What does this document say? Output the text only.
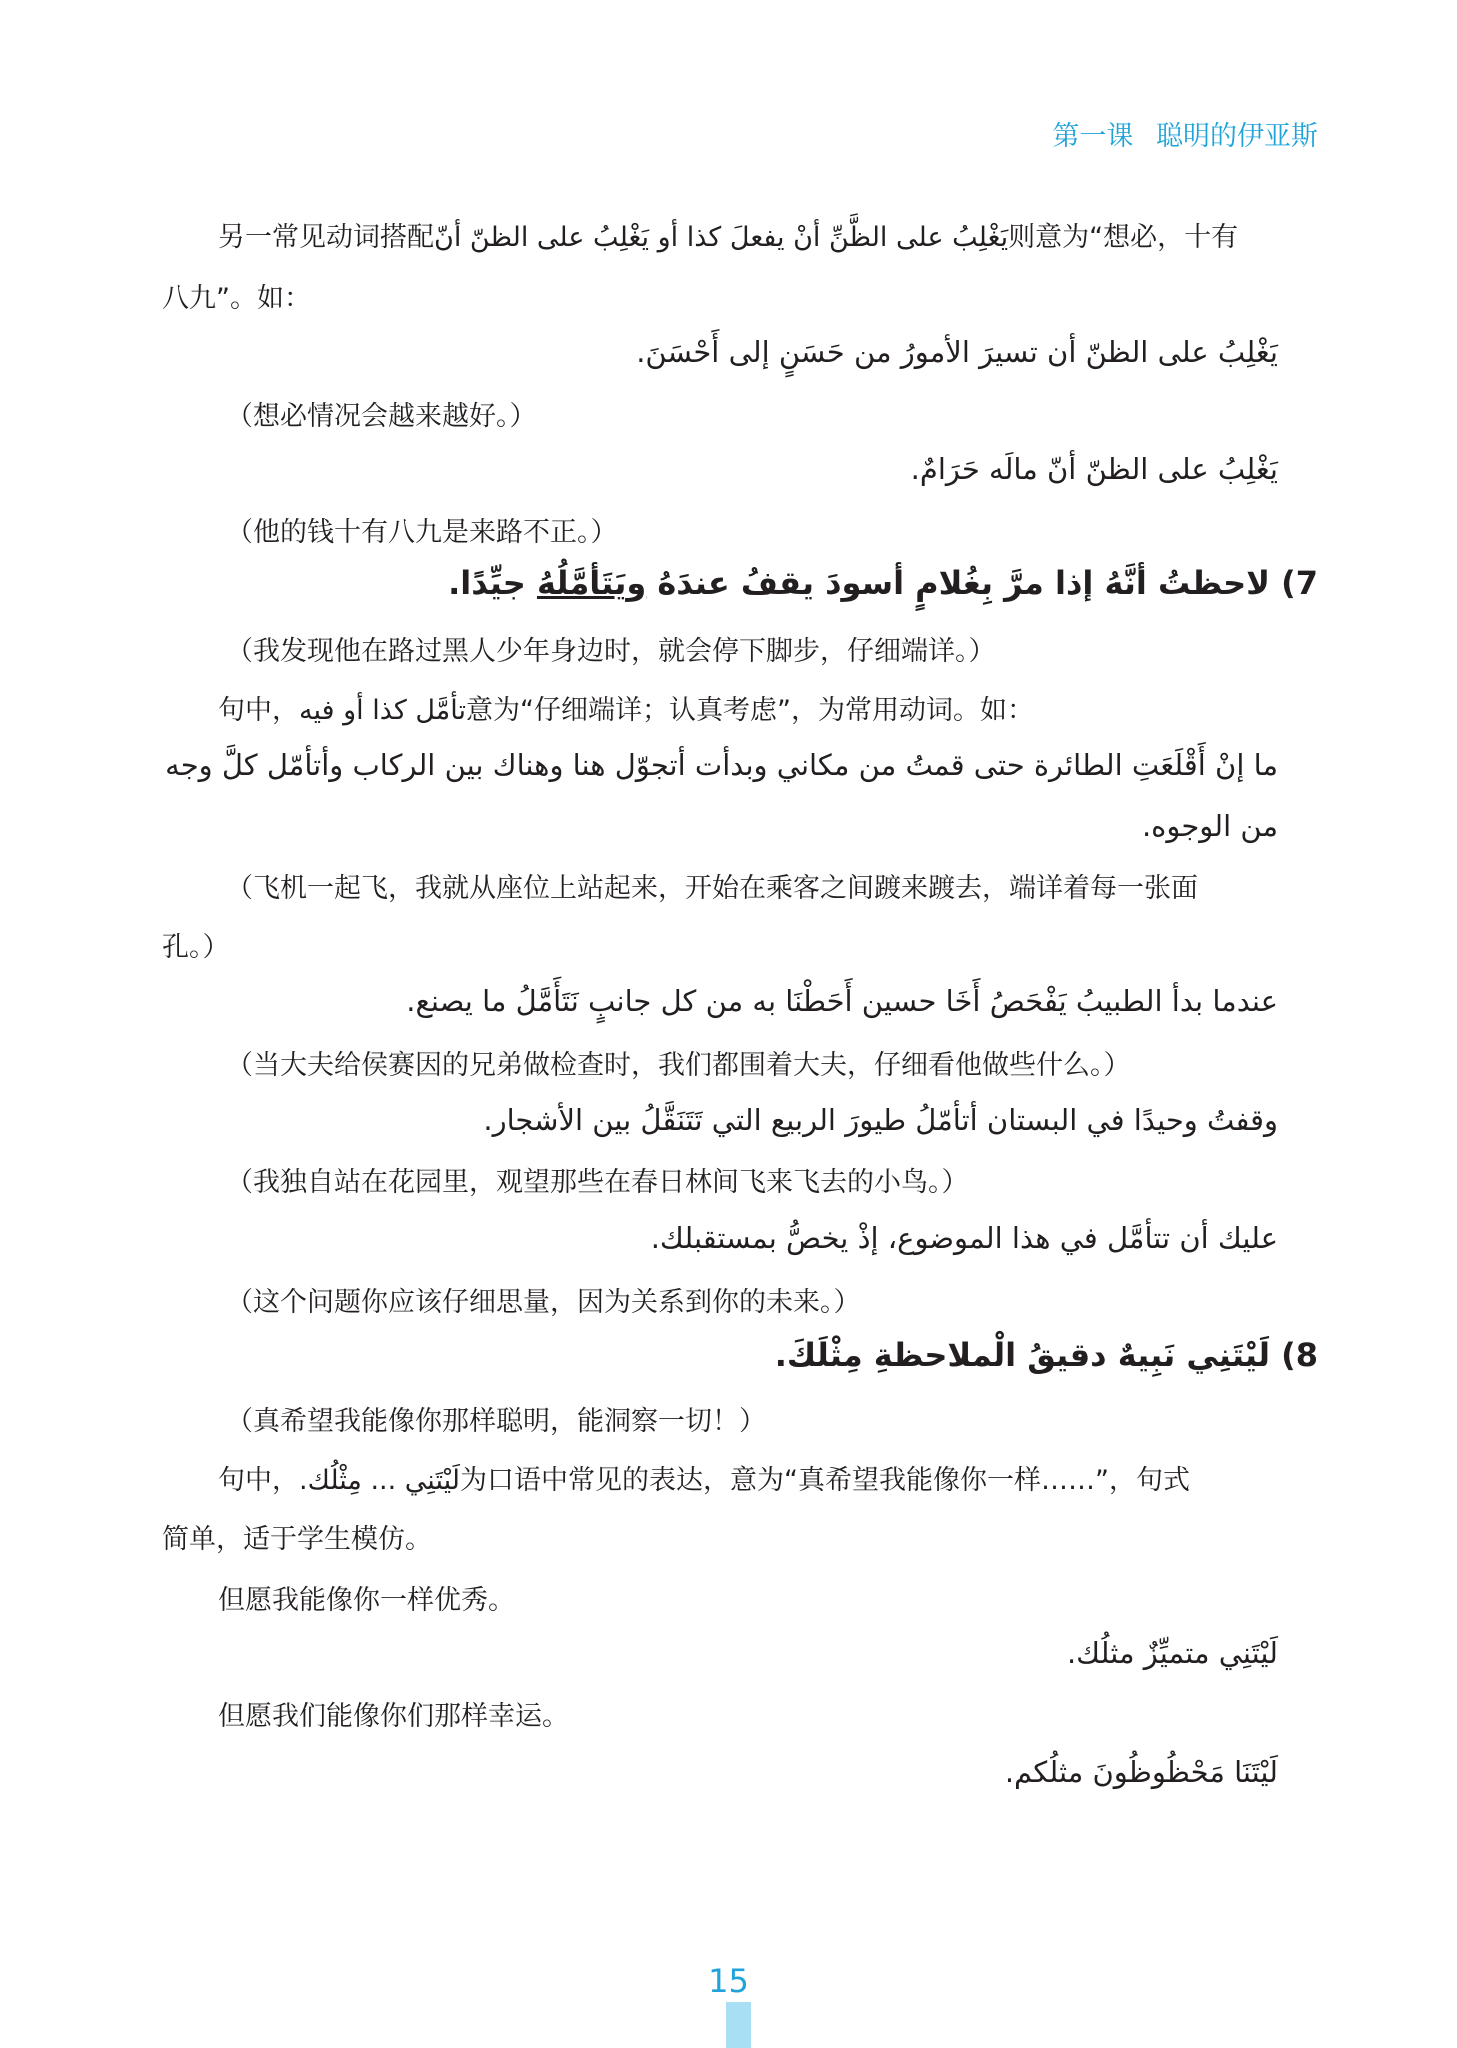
第一课 聪明的伊亚斯
另一常见动词搭配يَغْلِبُ على الظَّنِّ أنْ يفعلَ كذا أو يَغْلِبُ على الظنّ أنّ则意为“想必，十有
八九”。如：
يَغْلِبُ على الظنّ أن تسيرَ الأمورُ من حَسَنٍ إلى أَحْسَنَ.
（想必情况会越来越好。）
يَغْلِبُ على الظنّ أنّ مالَه حَرَامٌ.
（他的钱十有八九是来路不正。）
7) لاحظتُ أنَّهُ إذا مرَّ بِغُلامٍ أسودَ يقفُ عندَهُ ويَتَأمَّلُهُ جيِّدًا.
（我发现他在路过黑人少年身边时，就会停下脚步，仔细端详。）
句中，تأمَّل كذا أو فيه意为“仔细端详；认真考虑”，为常用动词。如：
ما إنْ أَقْلَعَتِ الطائرة حتى قمتُ من مكاني وبدأت أتجوّل هنا وهناك بين الركاب وأتأمّل كلَّ وجه
من الوجوه.
（飞机一起飞，我就从座位上站起来，开始在乘客之间踱来踱去，端详着每一张面
孔。）
عندما بدأ الطبيبُ يَفْحَصُ أَخَا حسين أَحَطْنَا به من كل جانبٍ نَتَأَمَّلُ ما يصنع.
（当大夫给侯赛因的兄弟做检查时，我们都围着大夫，仔细看他做些什么。）
وقفتُ وحيدًا في البستان أتأمّلُ طيورَ الربيع التي تَتَنَقَّلُ بين الأشجار.
（我独自站在花园里，观望那些在春日林间飞来飞去的小鸟。）
عليك أن تتأمَّل في هذا الموضوع، إذْ يخصُّ بمستقبلك.
（这个问题你应该仔细思量，因为关系到你的未来。）
8) لَيْتَنِي نَبِيهٌ دقيقُ الْملاحظةِ مِثْلَكَ.
（真希望我能像你那样聪明，能洞察一切！）
句中，لَيْتَنِي ... مِثْلُك.为口语中常见的表达，意为“真希望我能像你一样……”，句式
简单，适于学生模仿。
但愿我能像你一样优秀。
لَيْتَنِي متميِّزٌ مثلُك.
但愿我们能像你们那样幸运。
لَيْتَنَا مَحْظُوظُونَ مثلُكم.
15
